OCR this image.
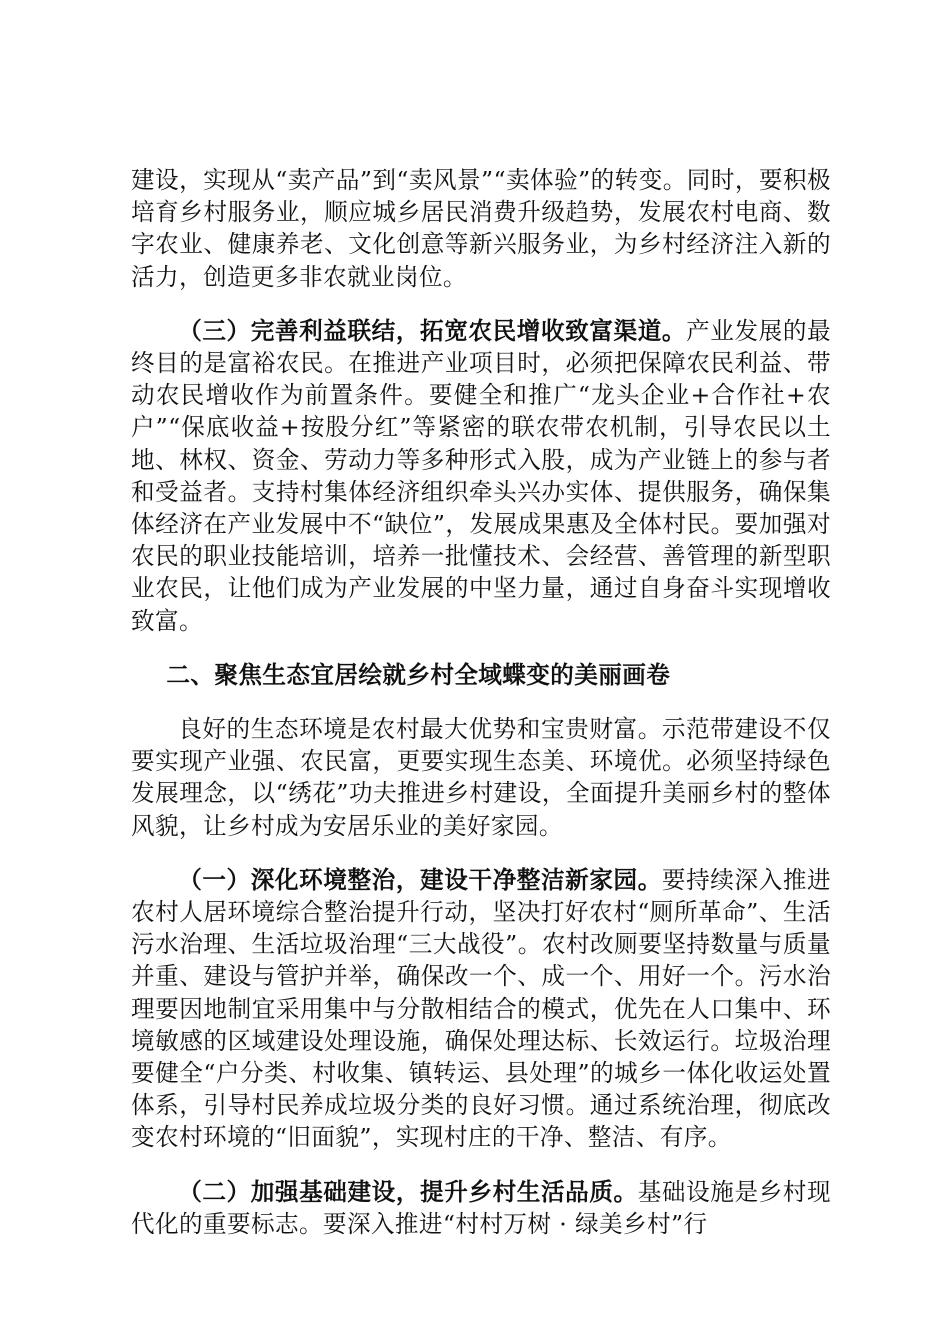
建设，实现从“卖产品”到“卖风景”“卖体验”的转变。同时，要积极培育乡村服务业，顺应城乡居民消费升级趋势，发展农村电商、数字农业、健康养老、文化创意等新兴服务业，为乡村经济注入新的活力，创造更多非农就业岗位。

（三）完善利益联结，拓宽农民增收致富渠道。产业发展的最终目的是富裕农民。在推进产业项目时，必须把保障农民利益、带动农民增收作为前置条件。要健全和推广“龙头企业+合作社+农户”“保底收益+按股分红”等紧密的联农带农机制，引导农民以土地、林权、资金、劳动力等多种形式入股，成为产业链上的参与者和受益者。支持村集体经济组织牵头兴办实体、提供服务，确保集体经济在产业发展中不“缺位”，发展成果惠及全体村民。要加强对农民的职业技能培训，培养一批懂技术、会经营、善管理的新型职业农民，让他们成为产业发展的中坚力量，通过自身奋斗实现增收致富。

二、聚焦生态宜居绘就乡村全域蝶变的美丽画卷

良好的生态环境是农村最大优势和宝贵财富。示范带建设不仅要实现产业强、农民富，更要实现生态美、环境优。必须坚持绿色发展理念，以“绣花”功夫推进乡村建设，全面提升美丽乡村的整体风貌，让乡村成为安居乐业的美好家园。

（一）深化环境整治，建设干净整洁新家园。要持续深入推进农村人居环境综合整治提升行动，坚决打好农村“厕所革命”、生活污水治理、生活垃圾治理“三大战役”。农村改厕要坚持数量与质量并重、建设与管护并举，确保改一个、成一个、用好一个。污水治理要因地制宜采用集中与分散相结合的模式，优先在人口集中、环境敏感的区域建设处理设施，确保处理达标、长效运行。垃圾治理要健全“户分类、村收集、镇转运、县处理”的城乡一体化收运处置体系，引导村民养成垃圾分类的良好习惯。通过系统治理，彻底改变农村环境的“旧面貌”，实现村庄的干净、整洁、有序。

（二）加强基础建设，提升乡村生活品质。基础设施是乡村现代化的重要标志。要深入推进“村村万树 · 绿美乡村”行
